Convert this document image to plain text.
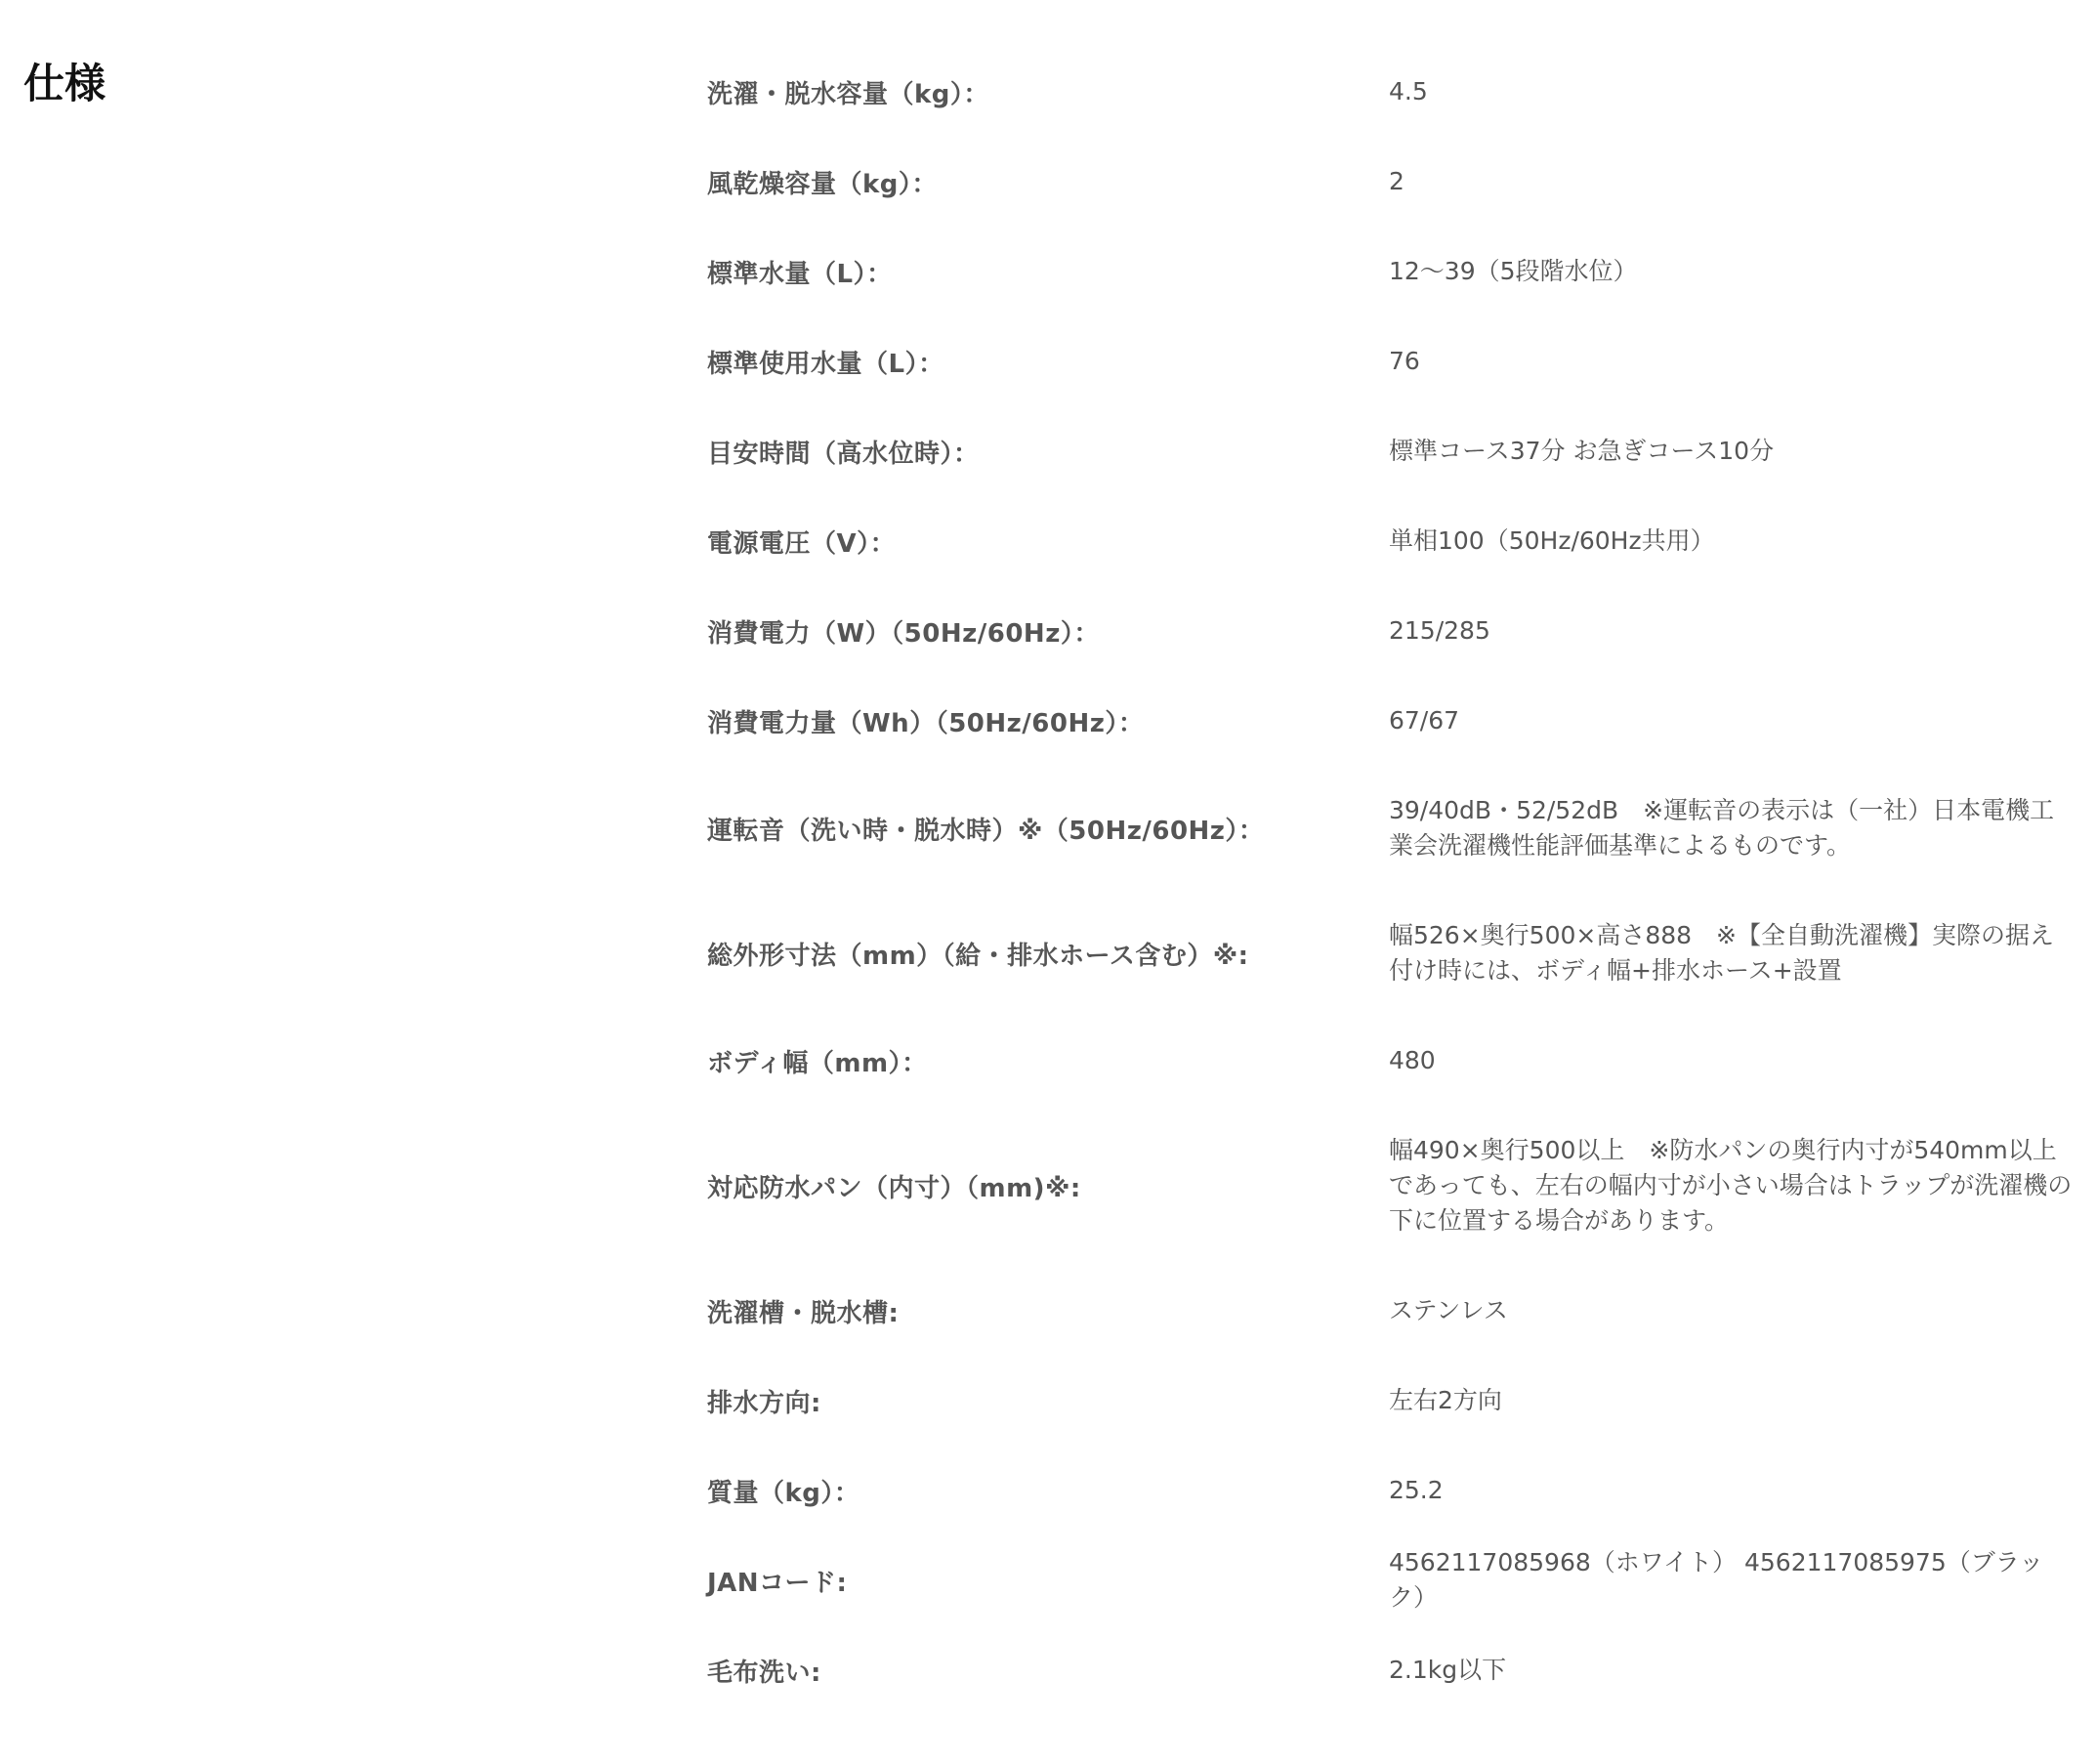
仕様	洗濯・脱水容量（kg）：	4.5
風乾燥容量（kg）：	2
標準水量（L）：	12〜39（5段階水位）
標準使用水量（L）：	76
目安時間（高水位時）：	標準コース37分 お急ぎコース10分
電源電圧（V）：	単相100（50Hz/60Hz共用）
消費電力（W）（50Hz/60Hz）：	215/285
消費電力量（Wh）（50Hz/60Hz）：	67/67
運転音（洗い時・脱水時）※（50Hz/60Hz）：
39/40dB・52/52dB　※運転音の表示は（一社）日本電機工業会洗濯機性能評価基準によるものです。
総外形寸法（mm）（給・排水ホース含む）※:
幅526×奥行500×高さ888　※【全自動洗濯機】実際の据え付け時には、ボディ幅+排水ホース+設置
ボディ幅（mm）：	480
対応防水パン（内寸）（mm)※:
幅490×奥行500以上　※防水パンの奥行内寸が540mm以上であっても、左右の幅内寸が小さい場合はトラップが洗濯機の下に位置する場合があります。
洗濯槽・脱水槽:	ステンレス
排水方向:	左右2方向
質量（kg）：	25.2
JANコード:
4562117085968（ホワイト） 4562117085975（ブラック）
毛布洗い:	2.1kg以下
